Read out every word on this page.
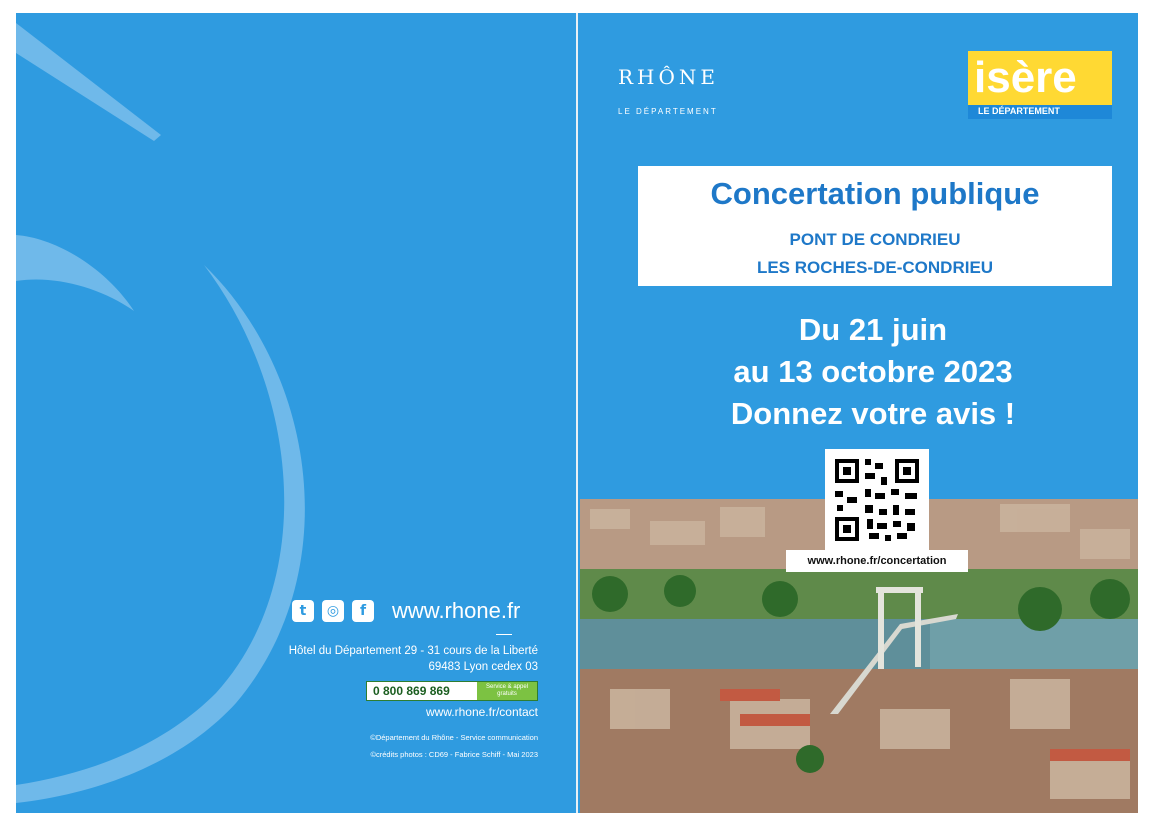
t	◎	f	www.rhone.fr
Hôtel du Département 29 - 31 cours de la Liberté
69483 Lyon cedex 03
0 800 869 869	Service & appel gratuits
www.rhone.fr/contact
©Département du Rhône - Service communication
©crédits photos : CD69 - Fabrice Schiff - Mai 2023
RHÔNE
LE DÉPARTEMENT
isère
LE DÉPARTEMENT
Concertation publique
PONT DE CONDRIEU
LES ROCHES-DE-CONDRIEU
Du 21 juin
au 13 octobre 2023
Donnez votre avis !
www.rhone.fr/concertation
